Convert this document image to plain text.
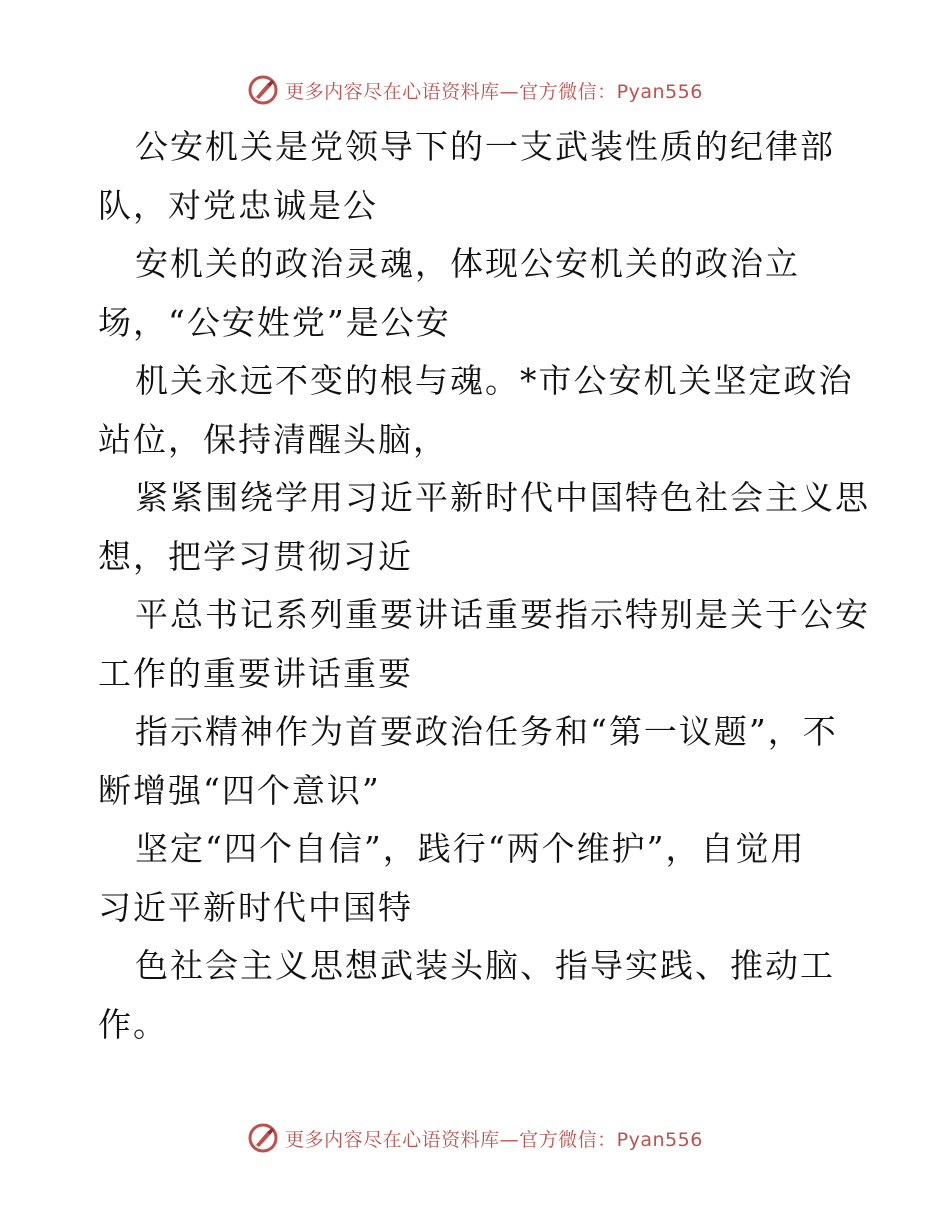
更多内容尽在心语资料库—官方微信：Pyan556
公安机关是党领导下的一支武装性质的纪律部
队，对党忠诚是公
安机关的政治灵魂，体现公安机关的政治立
场，“公安姓党”是公安
机关永远不变的根与魂。*市公安机关坚定政治
站位，保持清醒头脑，
紧紧围绕学用习近平新时代中国特色社会主义思
想，把学习贯彻习近
平总书记系列重要讲话重要指示特别是关于公安
工作的重要讲话重要
指示精神作为首要政治任务和“第一议题”，不
断增强“四个意识”
坚定“四个自信”，践行“两个维护”，自觉用
习近平新时代中国特
色社会主义思想武装头脑、指导实践、推动工
作。
更多内容尽在心语资料库—官方微信：Pyan556
